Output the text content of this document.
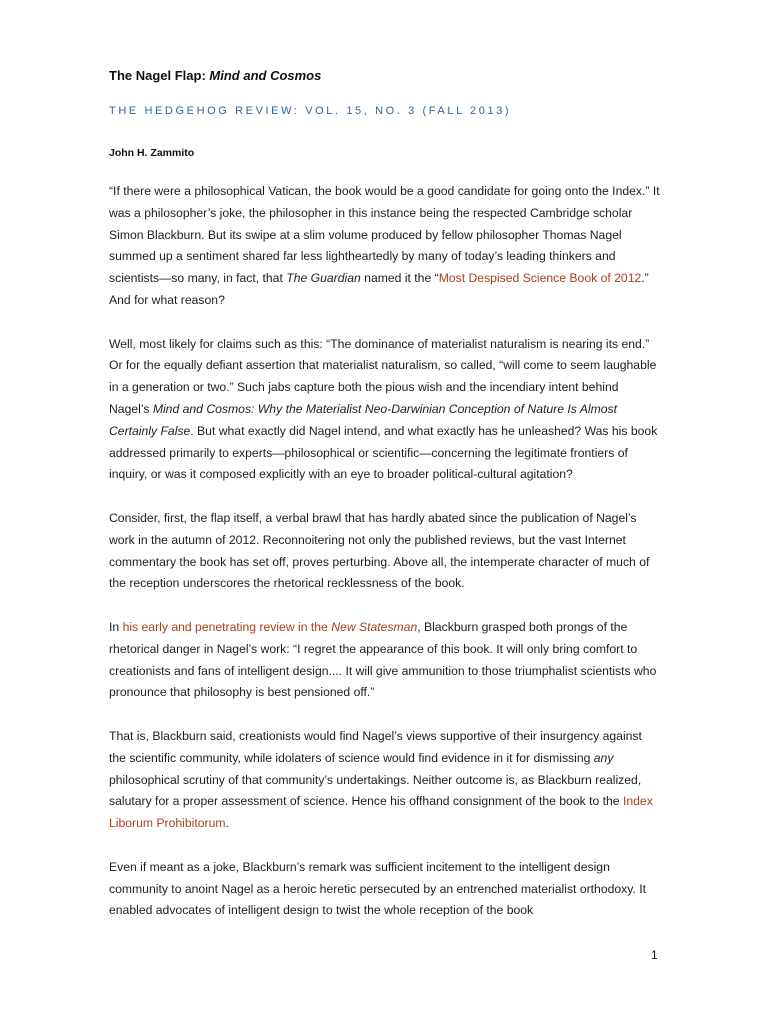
The Nagel Flap: Mind and Cosmos
THE HEDGEHOG REVIEW: VOL. 15, NO. 3 (FALL 2013)
John H. Zammito

“If there were a philosophical Vatican, the book would be a good candidate for going onto the Index.” It was a philosopher’s joke, the philosopher in this instance being the respected Cambridge scholar Simon Blackburn. But its swipe at a slim volume produced by fellow philosopher Thomas Nagel summed up a sentiment shared far less lightheartedly by many of today’s leading thinkers and scientists—so many, in fact, that The Guardian named it the “Most Despised Science Book of 2012.” And for what reason?

Well, most likely for claims such as this: “The dominance of materialist naturalism is nearing its end.” Or for the equally defiant assertion that materialist naturalism, so called, “will come to seem laughable in a generation or two.” Such jabs capture both the pious wish and the incendiary intent behind Nagel’s Mind and Cosmos: Why the Materialist Neo-Darwinian Conception of Nature Is Almost Certainly False. But what exactly did Nagel intend, and what exactly has he unleashed? Was his book addressed primarily to experts—philosophical or scientific—concerning the legitimate frontiers of inquiry, or was it composed explicitly with an eye to broader political-cultural agitation?

Consider, first, the flap itself, a verbal brawl that has hardly abated since the publication of Nagel’s work in the autumn of 2012. Reconnoitering not only the published reviews, but the vast Internet commentary the book has set off, proves perturbing. Above all, the intemperate character of much of the reception underscores the rhetorical recklessness of the book.

In his early and penetrating review in the New Statesman, Blackburn grasped both prongs of the rhetorical danger in Nagel’s work: “I regret the appearance of this book. It will only bring comfort to creationists and fans of intelligent design.... It will give ammunition to those triumphalist scientists who pronounce that philosophy is best pensioned off.”

That is, Blackburn said, creationists would find Nagel’s views supportive of their insurgency against the scientific community, while idolaters of science would find evidence in it for dismissing any philosophical scrutiny of that community’s undertakings. Neither outcome is, as Blackburn realized, salutary for a proper assessment of science. Hence his offhand consignment of the book to the Index Liborum Prohibitorum.

Even if meant as a joke, Blackburn’s remark was sufficient incitement to the intelligent design community to anoint Nagel as a heroic heretic persecuted by an entrenched materialist orthodoxy. It enabled advocates of intelligent design to twist the whole reception of the book

1
